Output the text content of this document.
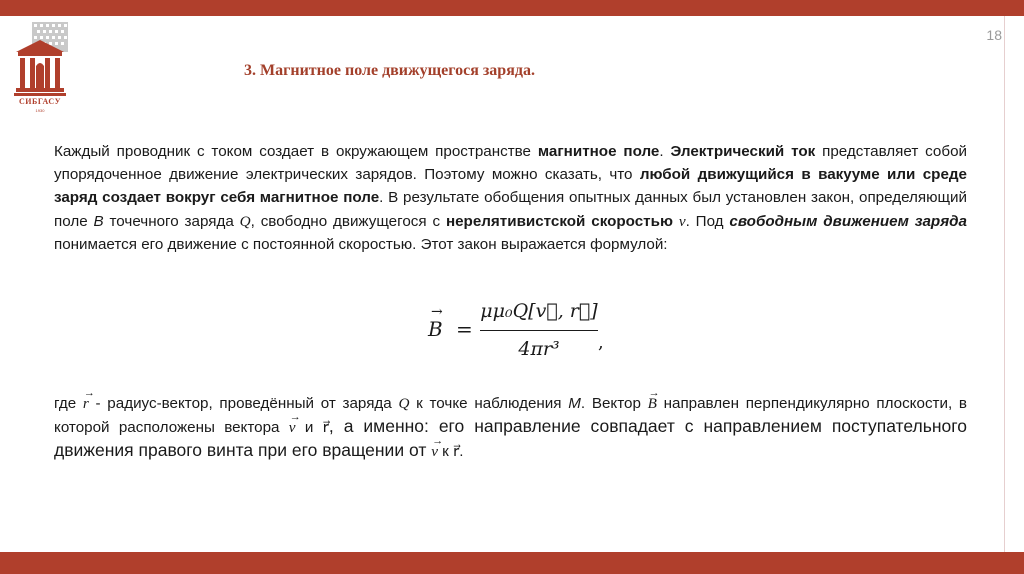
18
СИБГАСУ
1930
3. Магнитное поле движущегося заряда.
Каждый проводник с током создает в окружающем пространстве магнитное поле. Электрический ток представляет собой упорядоченное движение электрических зарядов. Поэтому можно сказать, что любой движущийся в вакууме или среде заряд создает вокруг себя магнитное поле. В результате обобщения опытных данных был установлен закон, определяющий поле B точечного заряда Q, свободно движущегося с нерелятивистской скоростью v. Под свободным движением заряда понимается его движение с постоянной скоростью. Этот закон выражается формулой:
→
B =
μμ₀Q[v⃗, r⃗]
4πr³	,
где
→
r - радиус-вектор, проведённый от заряда Q к точке наблюдения M. Вектор
→
B направлен перпендикулярно плоскости, в которой расположены вектора
→
v и r⃗, а именно: его направление совпадает с направлением поступательного движения правого винта при его вращении от →
v к r⃗.
